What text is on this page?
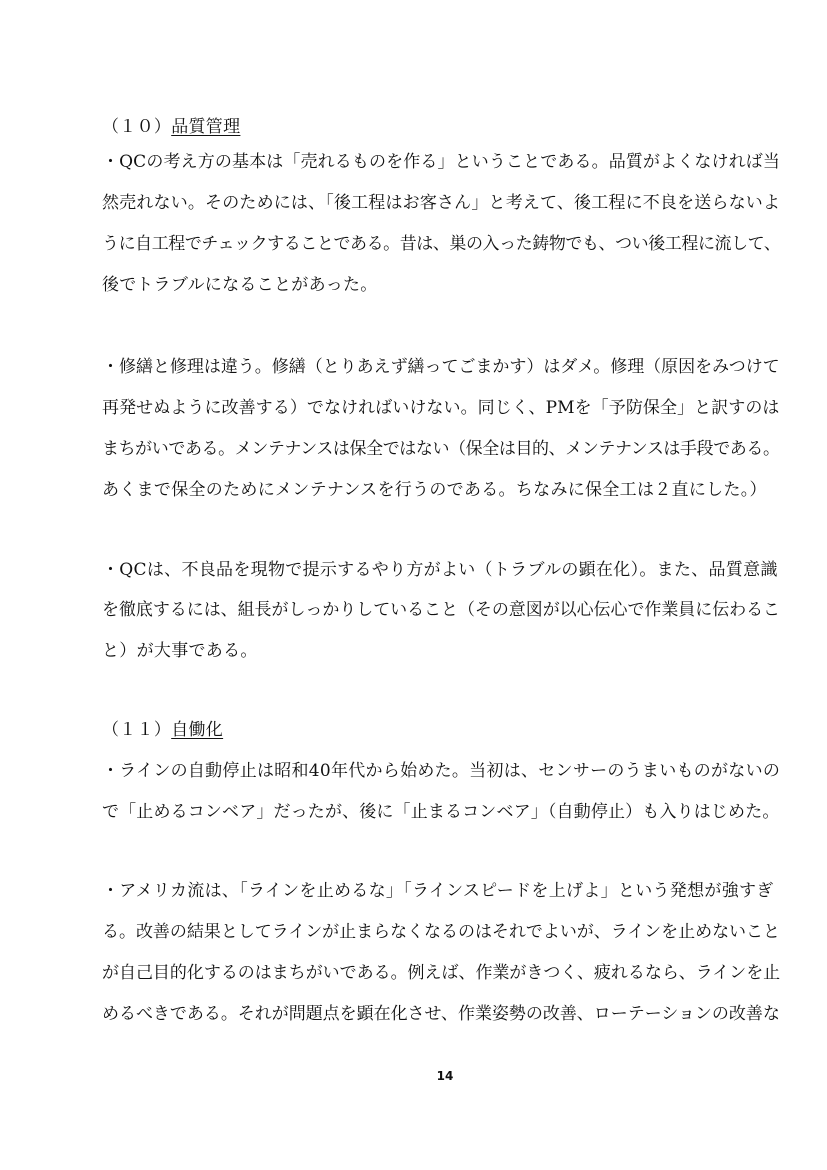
（１０）品質管理
・QCの考え方の基本は「売れるものを作る」ということである。品質がよくなければ当
然売れない。そのためには、「後工程はお客さん」と考えて、後工程に不良を送らないよ
うに自工程でチェックすることである。昔は、巣の入った鋳物でも、つい後工程に流して、
後でトラブルになることがあった。
・修繕と修理は違う。修繕（とりあえず繕ってごまかす）はダメ。修理（原因をみつけて
再発せぬように改善する）でなければいけない。同じく、PMを「予防保全」と訳すのは
まちがいである。メンテナンスは保全ではない（保全は目的、メンテナンスは手段である。
あくまで保全のためにメンテナンスを行うのである。ちなみに保全工は２直にした。）
・QCは、不良品を現物で提示するやり方がよい（トラブルの顕在化）。また、品質意識
を徹底するには、組長がしっかりしていること（その意図が以心伝心で作業員に伝わるこ
と）が大事である。
（１１）自働化
・ラインの自動停止は昭和40年代から始めた。当初は、センサーのうまいものがないの
で「止めるコンベア」だったが、後に「止まるコンベア」（自動停止）も入りはじめた。
・アメリカ流は、「ラインを止めるな」「ラインスピードを上げよ」という発想が強すぎ
る。改善の結果としてラインが止まらなくなるのはそれでよいが、ラインを止めないこと
が自己目的化するのはまちがいである。例えば、作業がきつく、疲れるなら、ラインを止
めるべきである。それが問題点を顕在化させ、作業姿勢の改善、ローテーションの改善な
14
